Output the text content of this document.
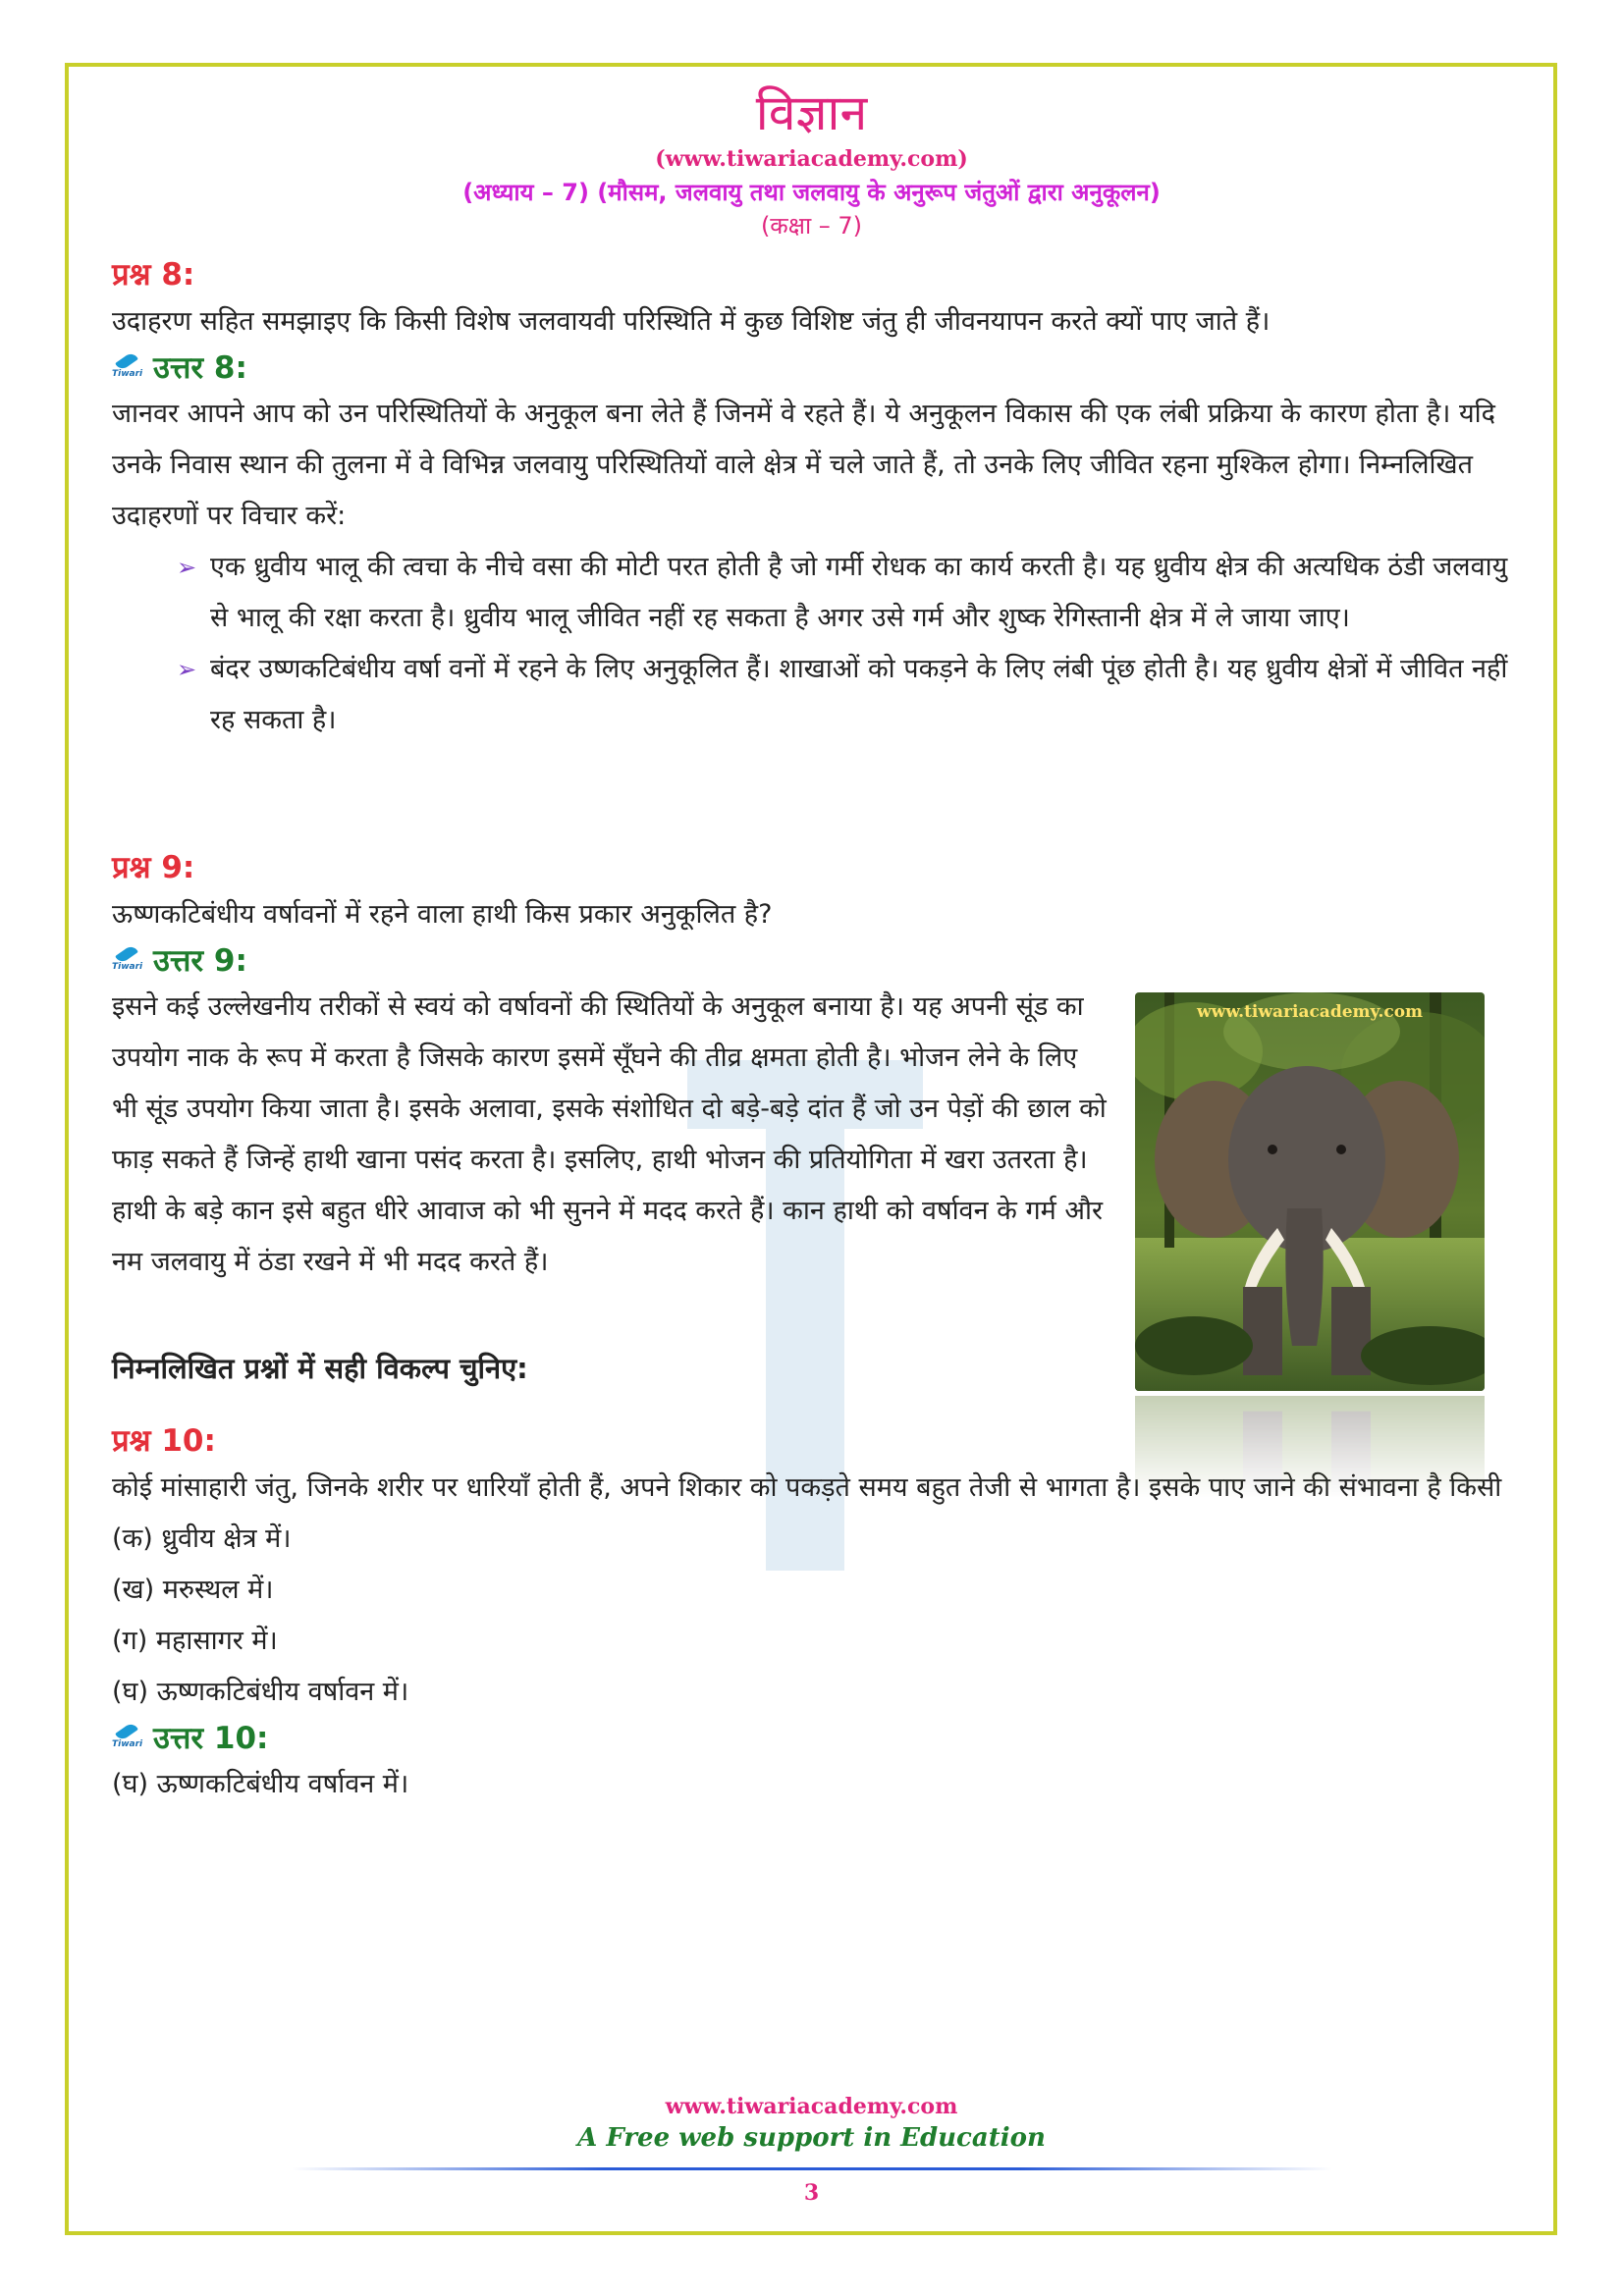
विज्ञान
(www.tiwariacademy.com)
(अध्याय – 7) (मौसम, जलवायु तथा जलवायु के अनुरूप जंतुओं द्वारा अनुकूलन)
(कक्षा – 7)
प्रश्न 8:

उदाहरण सहित समझाइए कि किसी विशेष जलवायवी परिस्थिति में कुछ विशिष्ट जंतु ही जीवनयापन करते क्यों पाए जाते हैं।

Tiwari उत्तर 8:

जानवर आपने आप को उन परिस्थितियों के अनुकूल बना लेते हैं जिनमें वे रहते हैं। ये अनुकूलन विकास की एक लंबी प्रक्रिया के कारण होता है। यदि उनके निवास स्थान की तुलना में वे विभिन्न जलवायु परिस्थितियों वाले क्षेत्र में चले जाते हैं, तो उनके लिए जीवित रहना मुश्किल होगा। निम्नलिखित उदाहरणों पर विचार करें:

➢ एक ध्रुवीय भालू की त्वचा के नीचे वसा की मोटी परत होती है जो गर्मी रोधक का कार्य करती है। यह ध्रुवीय क्षेत्र की अत्यधिक ठंडी जलवायु से भालू की रक्षा करता है। ध्रुवीय भालू जीवित नहीं रह सकता है अगर उसे गर्म और शुष्क रेगिस्तानी क्षेत्र में ले जाया जाए।
➢ बंदर उष्णकटिबंधीय वर्षा वनों में रहने के लिए अनुकूलित हैं। शाखाओं को पकड़ने के लिए लंबी पूंछ होती है। यह ध्रुवीय क्षेत्रों में जीवित नहीं रह सकता है।
प्रश्न 9:

ऊष्णकटिबंधीय वर्षावनों में रहने वाला हाथी किस प्रकार अनुकूलित है?

Tiwari उत्तर 9:

इसने कई उल्लेखनीय तरीकों से स्वयं को वर्षावनों की स्थितियों के अनुकूल बनाया है। यह अपनी सूंड का उपयोग नाक के रूप में करता है जिसके कारण इसमें सूँघने की तीव्र क्षमता होती है। भोजन लेने के लिए भी सूंड उपयोग किया जाता है। इसके अलावा, इसके संशोधित दो बड़े-बड़े दांत हैं जो उन पेड़ों की छाल को फाड़ सकते हैं जिन्हें हाथी खाना पसंद करता है। इसलिए, हाथी भोजन की प्रतियोगिता में खरा उतरता है। हाथी के बड़े कान इसे बहुत धीरे आवाज को भी सुनने में मदद करते हैं। कान हाथी को वर्षावन के गर्म और नम जलवायु में ठंडा रखने में भी मदद करते हैं।

निम्नलिखित प्रश्नों में सही विकल्प चुनिए:
प्रश्न 10:

कोई मांसाहारी जंतु, जिनके शरीर पर धारियाँ होती हैं, अपने शिकार को पकड़ते समय बहुत तेजी से भागता है। इसके पाए जाने की संभावना है किसी

(क) ध्रुवीय क्षेत्र में।

(ख) मरुस्थल में।

(ग) महासागर में।

(घ) ऊष्णकटिबंधीय वर्षावन में।

Tiwari उत्तर 10:

(घ) ऊष्णकटिबंधीय वर्षावन में।

www.tiwariacademy.com
www.tiwariacademy.com
A Free web support in Education
3
